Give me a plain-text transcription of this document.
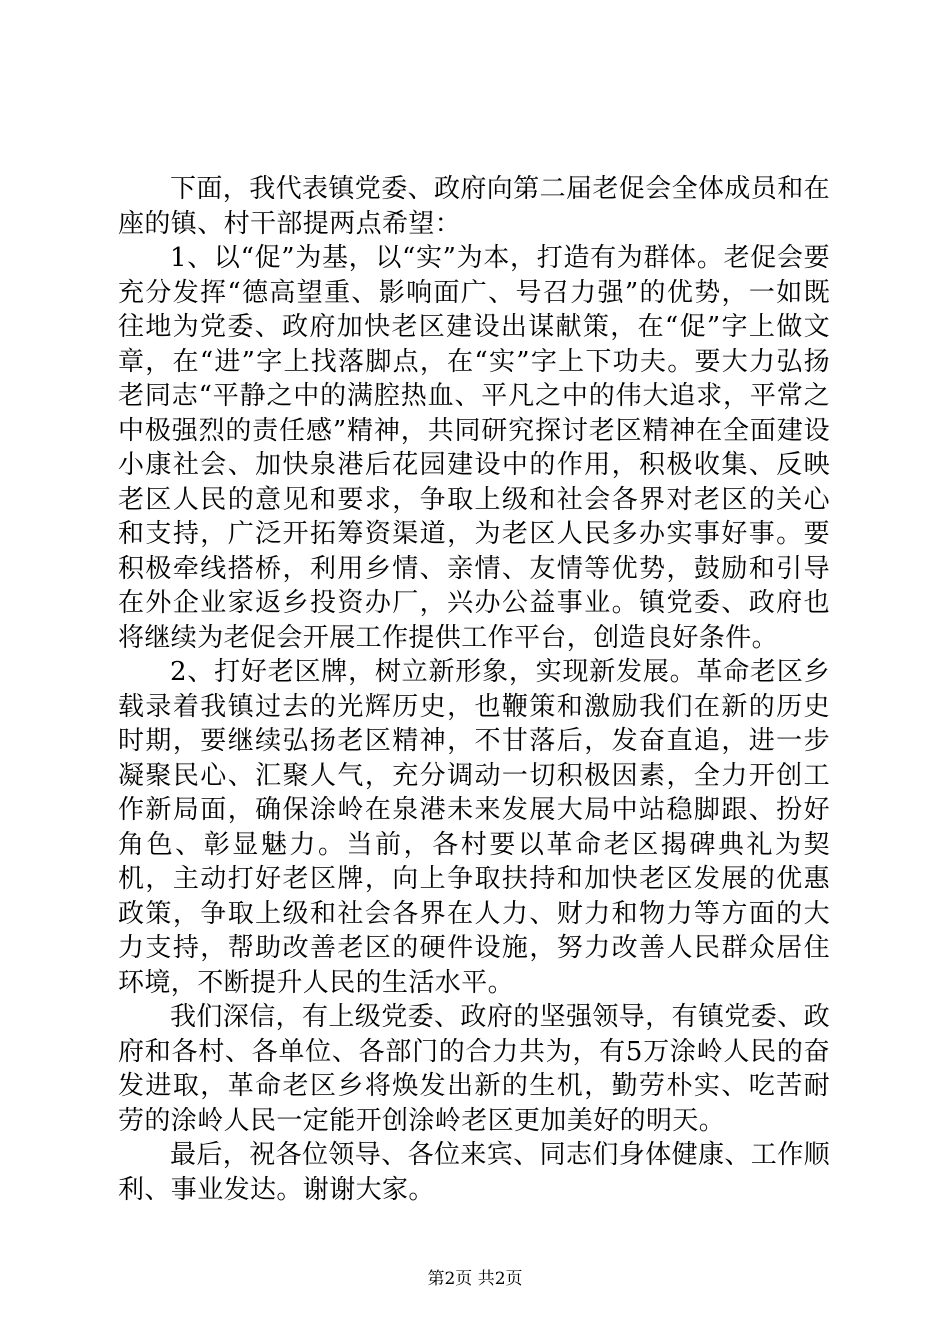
下面，我代表镇党委、政府向第二届老促会全体成员和在座的镇、村干部提两点希望：

1、以“促”为基，以“实”为本，打造有为群体。老促会要充分发挥“德高望重、影响面广、号召力强”的优势，一如既往地为党委、政府加快老区建设出谋献策，在“促”字上做文章，在“进”字上找落脚点，在“实”字上下功夫。要大力弘扬老同志“平静之中的满腔热血、平凡之中的伟大追求，平常之中极强烈的责任感”精神，共同研究探讨老区精神在全面建设小康社会、加快泉港后花园建设中的作用，积极收集、反映老区人民的意见和要求，争取上级和社会各界对老区的关心和支持，广泛开拓筹资渠道，为老区人民多办实事好事。要积极牵线搭桥，利用乡情、亲情、友情等优势，鼓励和引导在外企业家返乡投资办厂，兴办公益事业。镇党委、政府也将继续为老促会开展工作提供工作平台，创造良好条件。

2、打好老区牌，树立新形象，实现新发展。革命老区乡载录着我镇过去的光辉历史，也鞭策和激励我们在新的历史时期，要继续弘扬老区精神，不甘落后，发奋直追，进一步凝聚民心、汇聚人气，充分调动一切积极因素，全力开创工作新局面，确保涂岭在泉港未来发展大局中站稳脚跟、扮好角色、彰显魅力。当前，各村要以革命老区揭碑典礼为契机，主动打好老区牌，向上争取扶持和加快老区发展的优惠政策，争取上级和社会各界在人力、财力和物力等方面的大力支持，帮助改善老区的硬件设施，努力改善人民群众居住环境，不断提升人民的生活水平。

我们深信，有上级党委、政府的坚强领导，有镇党委、政府和各村、各单位、各部门的合力共为，有5万涂岭人民的奋发进取，革命老区乡将焕发出新的生机，勤劳朴实、吃苦耐劳的涂岭人民一定能开创涂岭老区更加美好的明天。

最后，祝各位领导、各位来宾、同志们身体健康、工作顺利、事业发达。谢谢大家。

第2页 共2页
